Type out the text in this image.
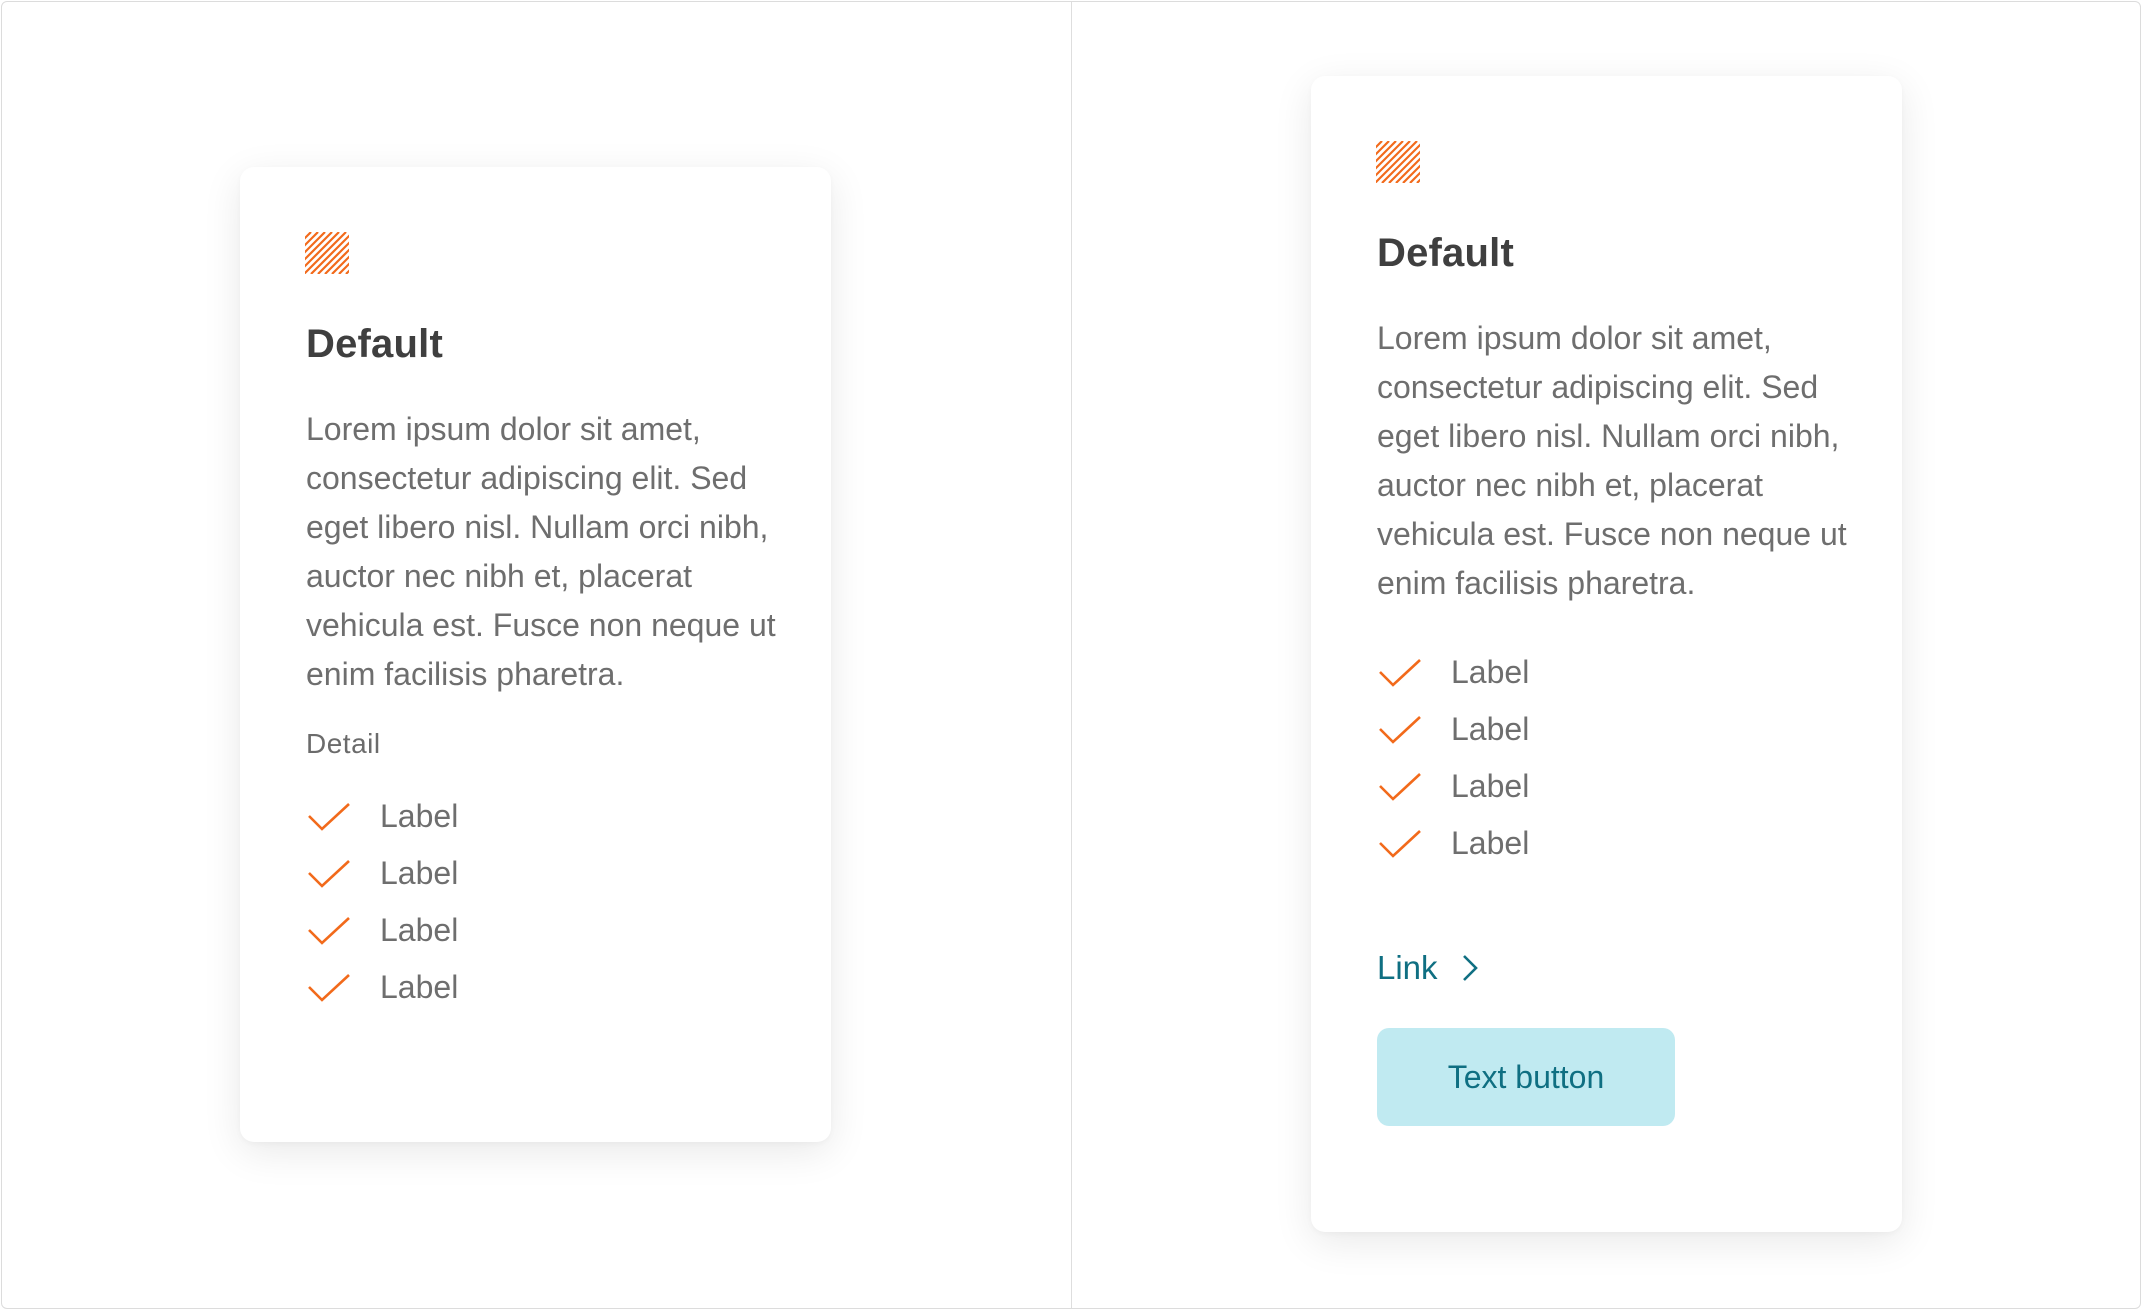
Default
Lorem ipsum dolor sit amet, consectetur adipiscing elit. Sed eget libero nisl. Nullam orci nibh, auctor nec nibh et, placerat vehicula est. Fusce non neque ut enim facilisis pharetra.
Detail
Label
Label
Label
Label
Default
Lorem ipsum dolor sit amet, consectetur adipiscing elit. Sed eget libero nisl. Nullam orci nibh, auctor nec nibh et, placerat vehicula est. Fusce non neque ut enim facilisis pharetra.
Label
Label
Label
Label
Link
Text button
